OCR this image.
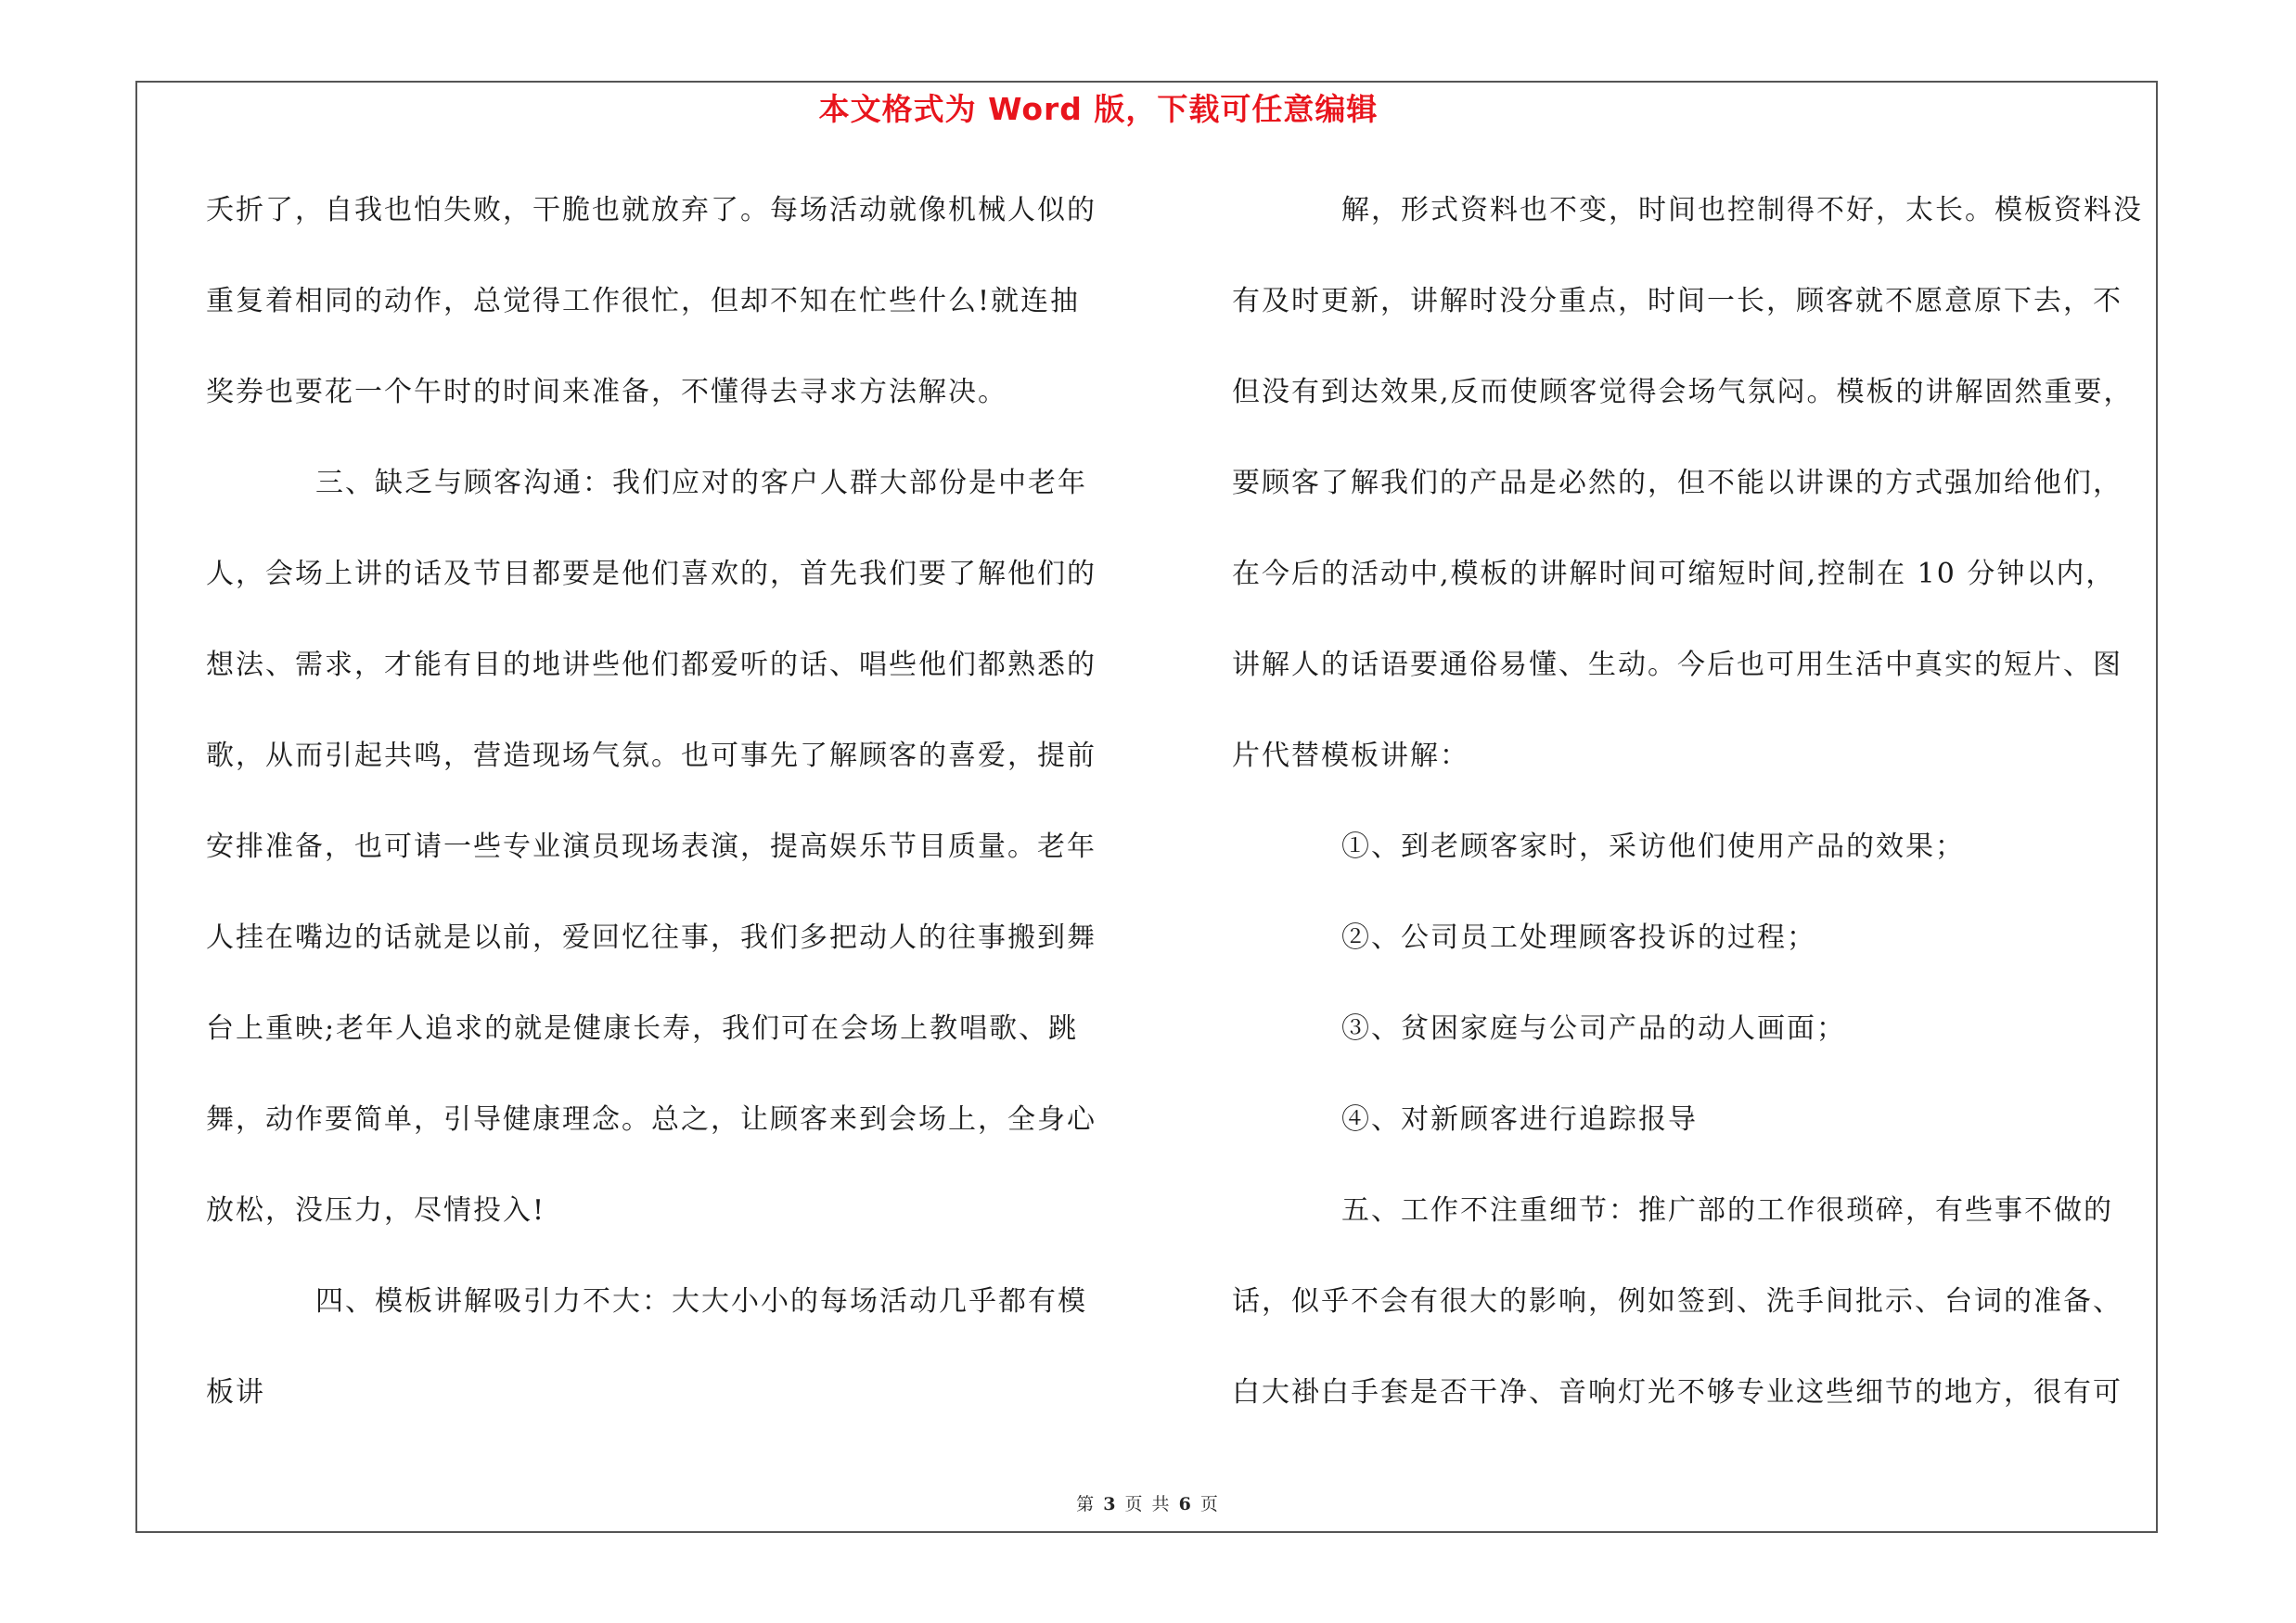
本文格式为 Word 版，下载可任意编辑
夭折了，自我也怕失败，干脆也就放弃了。每场活动就像机械人似的
重复着相同的动作，总觉得工作很忙，但却不知在忙些什么!就连抽
奖券也要花一个午时的时间来准备，不懂得去寻求方法解决。
三、缺乏与顾客沟通：我们应对的客户人群大部份是中老年
人，会场上讲的话及节目都要是他们喜欢的，首先我们要了解他们的
想法、需求，才能有目的地讲些他们都爱听的话、唱些他们都熟悉的
歌，从而引起共鸣，营造现场气氛。也可事先了解顾客的喜爱，提前
安排准备，也可请一些专业演员现场表演，提高娱乐节目质量。老年
人挂在嘴边的话就是以前，爱回忆往事，我们多把动人的往事搬到舞
台上重映;老年人追求的就是健康长寿，我们可在会场上教唱歌、跳
舞，动作要简单，引导健康理念。总之，让顾客来到会场上，全身心
放松，没压力，尽情投入!
四、模板讲解吸引力不大：大大小小的每场活动几乎都有模
板讲
解，形式资料也不变，时间也控制得不好，太长。模板资料没
有及时更新，讲解时没分重点，时间一长，顾客就不愿意原下去，不
但没有到达效果,反而使顾客觉得会场气氛闷。模板的讲解固然重要，
要顾客了解我们的产品是必然的，但不能以讲课的方式强加给他们，
在今后的活动中,模板的讲解时间可缩短时间,控制在 10 分钟以内，
讲解人的话语要通俗易懂、生动。今后也可用生活中真实的短片、图
片代替模板讲解：
①、到老顾客家时，采访他们使用产品的效果；
②、公司员工处理顾客投诉的过程；
③、贫困家庭与公司产品的动人画面；
④、对新顾客进行追踪报导
五、工作不注重细节：推广部的工作很琐碎，有些事不做的
话，似乎不会有很大的影响，例如签到、洗手间批示、台词的准备、
白大褂白手套是否干净、音响灯光不够专业这些细节的地方，很有可
第 3 页 共 6 页
